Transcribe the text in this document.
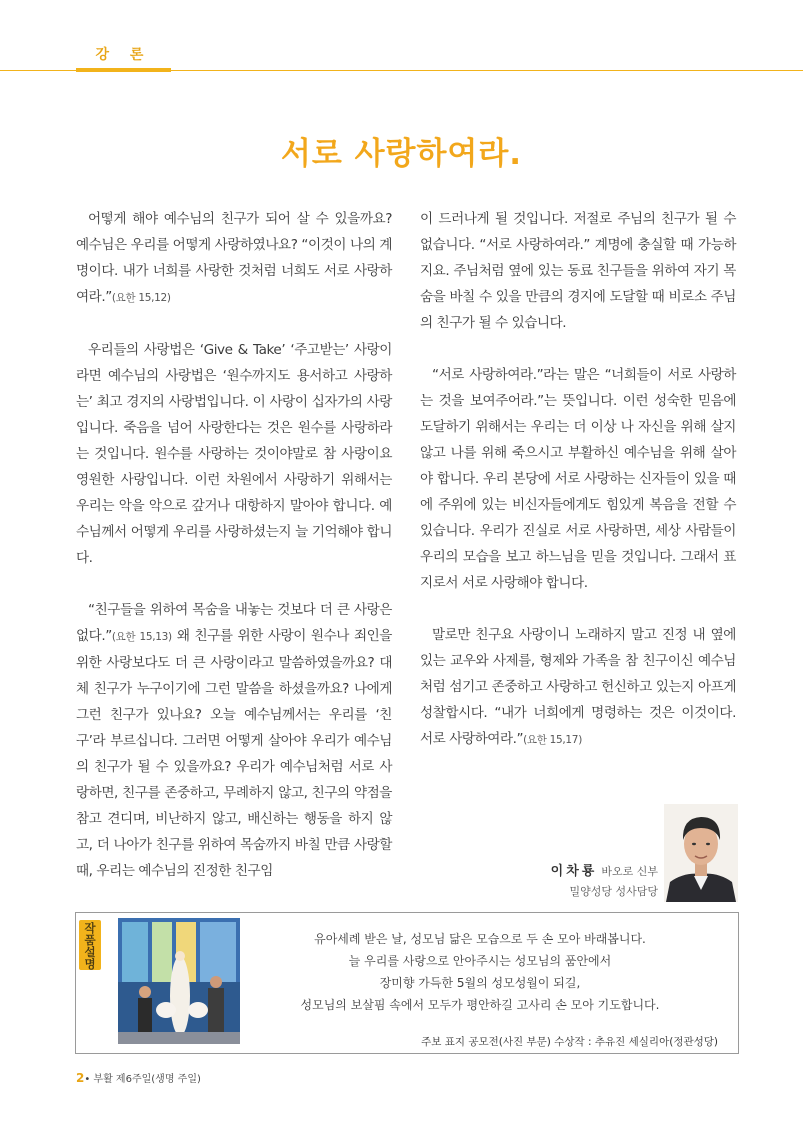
강 론
서로 사랑하여라.

어떻게 해야 예수님의 친구가 되어 살 수 있을까요? 예수님은 우리를 어떻게 사랑하였나요? “이것이 나의 계명이다. 내가 너희를 사랑한 것처럼 너희도 서로 사랑하여라.”(요한 15,12)

우리들의 사랑법은 ‘Give & Take’ ‘주고받는’ 사랑이라면 예수님의 사랑법은 ‘원수까지도 용서하고 사랑하는’ 최고 경지의 사랑법입니다. 이 사랑이 십자가의 사랑입니다. 죽음을 넘어 사랑한다는 것은 원수를 사랑하라는 것입니다. 원수를 사랑하는 것이야말로 참 사랑이요 영원한 사랑입니다. 이런 차원에서 사랑하기 위해서는 우리는 악을 악으로 갚거나 대항하지 말아야 합니다. 예수님께서 어떻게 우리를 사랑하셨는지 늘 기억해야 합니다.

“친구들을 위하여 목숨을 내놓는 것보다 더 큰 사랑은 없다.”(요한 15,13) 왜 친구를 위한 사랑이 원수나 죄인을 위한 사랑보다도 더 큰 사랑이라고 말씀하였을까요? 대체 친구가 누구이기에 그런 말씀을 하셨을까요? 나에게 그런 친구가 있나요? 오늘 예수님께서는 우리를 ‘친구’라 부르십니다. 그러면 어떻게 살아야 우리가 예수님의 친구가 될 수 있을까요? 우리가 예수님처럼 서로 사랑하면, 친구를 존중하고, 무례하지 않고, 친구의 약점을 참고 견디며, 비난하지 않고, 배신하는 행동을 하지 않고, 더 나아가 친구를 위하여 목숨까지 바칠 만큼 사랑할 때, 우리는 예수님의 진정한 친구임

이 드러나게 될 것입니다. 저절로 주님의 친구가 될 수 없습니다. “서로 사랑하여라.” 계명에 충실할 때 가능하지요. 주님처럼 옆에 있는 동료 친구들을 위하여 자기 목숨을 바칠 수 있을 만큼의 경지에 도달할 때 비로소 주님의 친구가 될 수 있습니다.

“서로 사랑하여라.”라는 말은 “너희들이 서로 사랑하는 것을 보여주어라.”는 뜻입니다. 이런 성숙한 믿음에 도달하기 위해서는 우리는 더 이상 나 자신을 위해 살지 않고 나를 위해 죽으시고 부활하신 예수님을 위해 살아야 합니다. 우리 본당에 서로 사랑하는 신자들이 있을 때에 주위에 있는 비신자들에게도 힘있게 복음을 전할 수 있습니다. 우리가 진실로 서로 사랑하면, 세상 사람들이 우리의 모습을 보고 하느님을 믿을 것입니다. 그래서 표지로서 서로 사랑해야 합니다.

말로만 친구요 사랑이니 노래하지 말고 진정 내 옆에 있는 교우와 사제를, 형제와 가족을 참 친구이신 예수님처럼 섬기고 존중하고 사랑하고 헌신하고 있는지 아프게 성찰합시다. “내가 너희에게 명령하는 것은 이것이다. 서로 사랑하여라.”(요한 15,17)

이차룡 바오로 신부
밀양성당 성사담당
작품설명
유아세례 받은 날, 성모님 닮은 모습으로 두 손 모아 바래봅니다.
늘 우리를 사랑으로 안아주시는 성모님의 품안에서
장미향 가득한 5월의 성모성월이 되길,
성모님의 보살핌 속에서 모두가 평안하길 고사리 손 모아 기도합니다.
주보 표지 공모전(사진 부문) 수상작 : 추유진 세실리아(정관성당)
2• 부활 제6주일(생명 주일)
